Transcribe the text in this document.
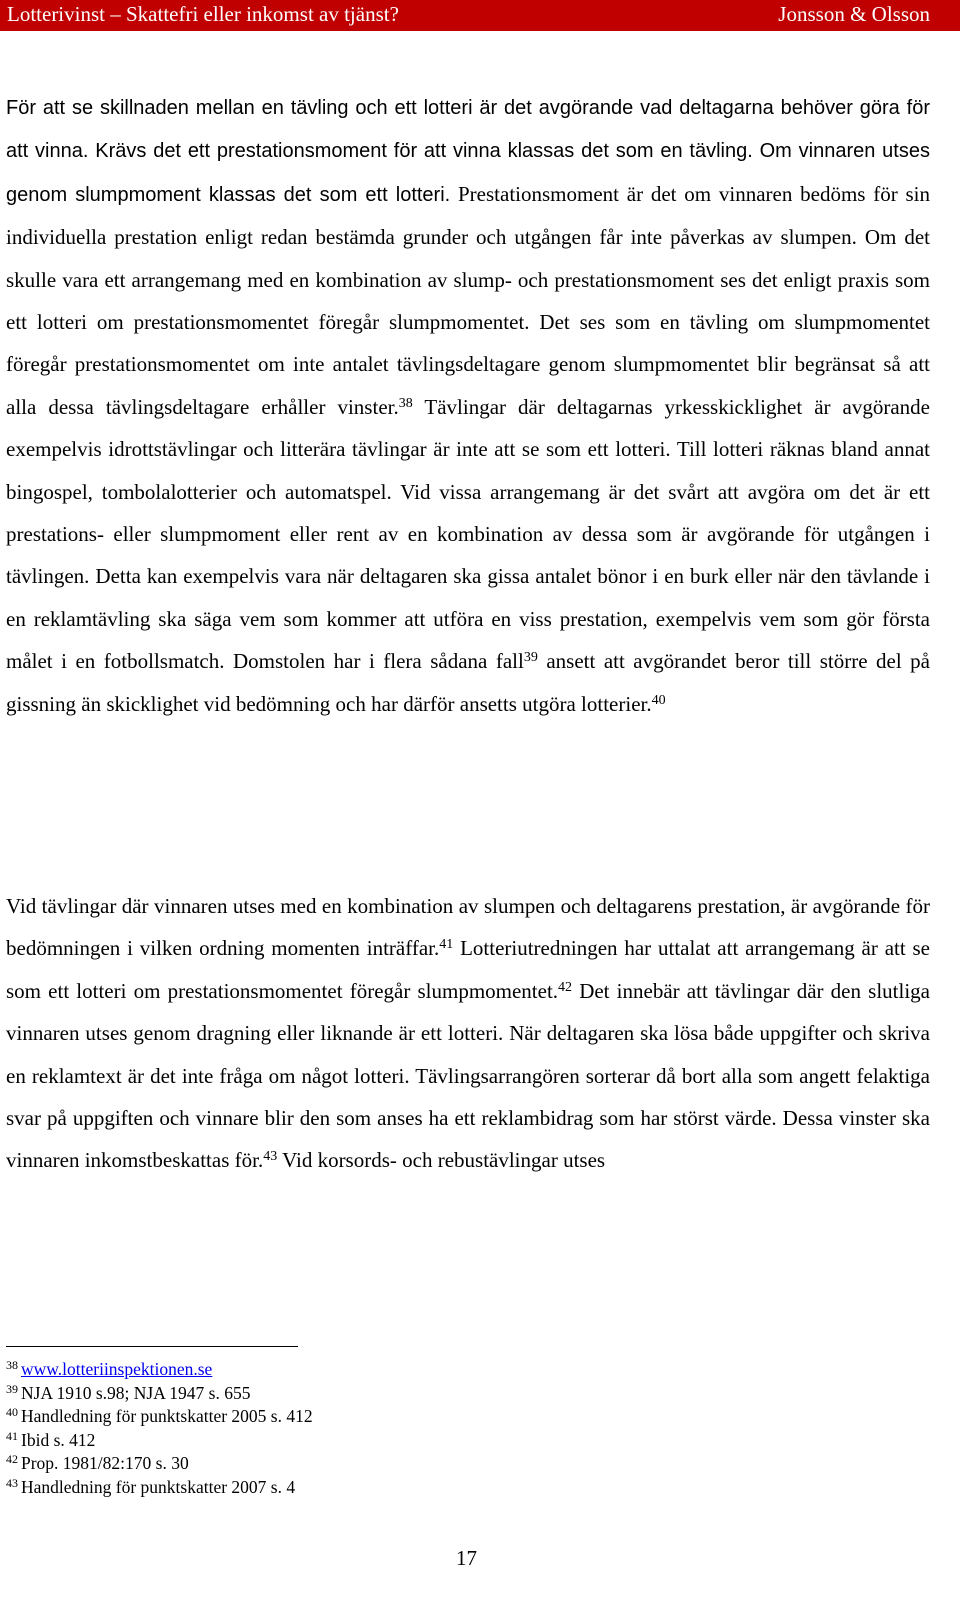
Lotterivinst – Skattefri eller inkomst av tjänst?	Jonsson & Olsson

För att se skillnaden mellan en tävling och ett lotteri är det avgörande vad deltagarna behöver göra för att vinna. Krävs det ett prestationsmoment för att vinna klassas det som en tävling. Om vinnaren utses genom slumpmoment klassas det som ett lotteri. Prestationsmoment är det om vinnaren bedöms för sin individuella prestation enligt redan bestämda grunder och utgången får inte påverkas av slumpen. Om det skulle vara ett arrangemang med en kombination av slump- och prestationsmoment ses det enligt praxis som ett lotteri om prestationsmomentet föregår slumpmomentet. Det ses som en tävling om slumpmomentet föregår prestationsmomentet om inte antalet tävlingsdeltagare genom slumpmomentet blir begränsat så att alla dessa tävlingsdeltagare erhåller vinster.$^{38}$ Tävlingar där deltagarnas yrkesskicklighet är avgörande exempelvis idrottstävlingar och litterära tävlingar är inte att se som ett lotteri. Till lotteri räknas bland annat bingospel, tombolalotterier och automatspel. Vid vissa arrangemang är det svårt att avgöra om det är ett prestations- eller slumpmoment eller rent av en kombination av dessa som är avgörande för utgången i tävlingen. Detta kan exempelvis vara när deltagaren ska gissa antalet bönor i en burk eller när den tävlande i en reklamtävling ska säga vem som kommer att utföra en viss prestation, exempelvis vem som gör första målet i en fotbollsmatch. Domstolen har i flera sådana fall$^{39}$ ansett att avgörandet beror till större del på gissning än skicklighet vid bedömning och har därför ansetts utgöra lotterier.$^{40}$

Vid tävlingar där vinnaren utses med en kombination av slumpen och deltagarens prestation, är avgörande för bedömningen i vilken ordning momenten inträffar.$^{41}$ Lotteriutredningen har uttalat att arrangemang är att se som ett lotteri om prestationsmomentet föregår slumpmomentet.$^{42}$ Det innebär att tävlingar där den slutliga vinnaren utses genom dragning eller liknande är ett lotteri. När deltagaren ska lösa både uppgifter och skriva en reklamtext är det inte fråga om något lotteri. Tävlingsarrangören sorterar då bort alla som angett felaktiga svar på uppgiften och vinnare blir den som anses ha ett reklambidrag som har störst värde. Dessa vinster ska vinnaren inkomstbeskattas för.$^{43}$ Vid korsords- och rebustävlingar utses

$^{38}$ www.lotteriinspektionen.se
$^{39}$ NJA 1910 s.98; NJA 1947 s. 655
$^{40}$ Handledning för punktskatter 2005 s. 412
$^{41}$ Ibid s. 412
$^{42}$ Prop. 1981/82:170 s. 30
$^{43}$ Handledning för punktskatter 2007 s. 4
17
